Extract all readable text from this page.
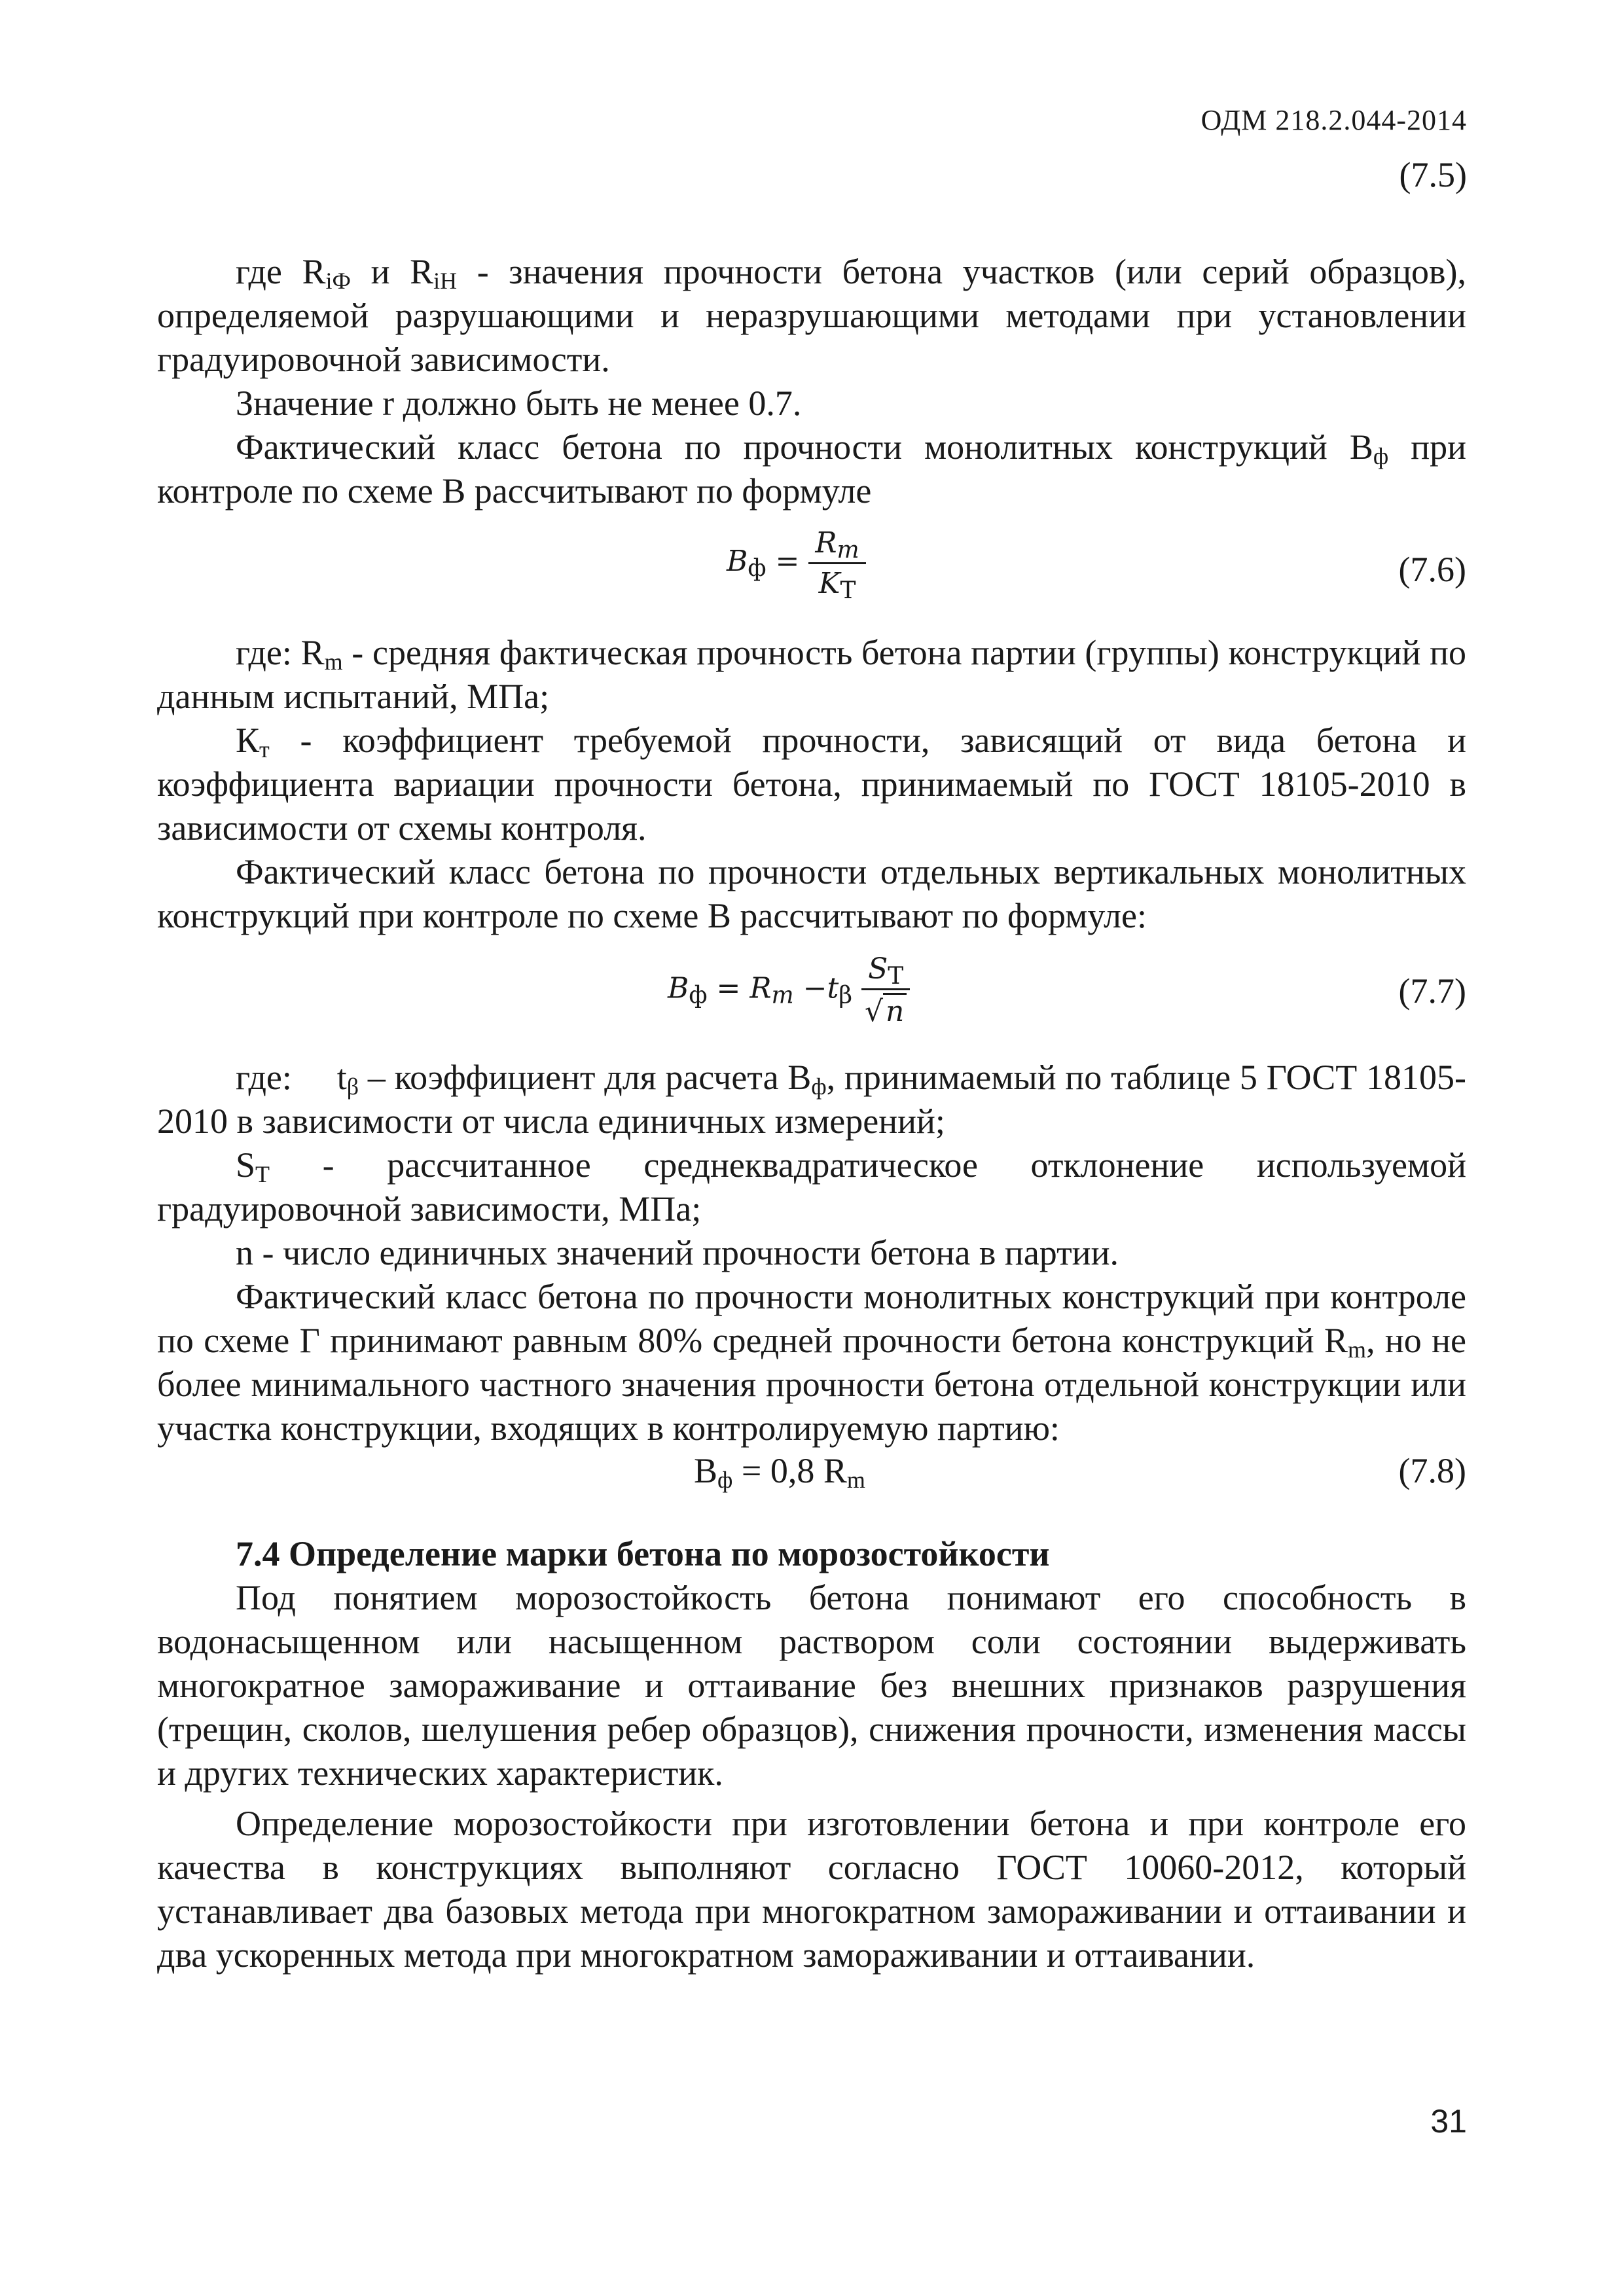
ОДМ 218.2.044-2014
(7.5)

где $R_{iФ}$ и $R_{iН}$ - значения прочности бетона участков (или серий образцов), определяемой разрушающими и неразрушающими методами при установлении градуировочной зависимости.

Значение r должно быть не менее 0.7.

Фактический класс бетона по прочности монолитных конструкций $В_ф$ при контроле по схеме В рассчитывают по формуле

$B_ф = \frac{R_m}{K_Т}$	(7.6)

где: $R_m$ - средняя фактическая прочность бетона партии (группы) конструкций по данным испытаний, МПа;

$К_т$ - коэффициент требуемой прочности, зависящий от вида бетона и коэффициента вариации прочности бетона, принимаемый по ГОСТ 18105-2010 в зависимости от схемы контроля.

Фактический класс бетона по прочности отдельных вертикальных монолитных конструкций при контроле по схеме В рассчитывают по формуле:

$B_ф = R_m -t_\beta \frac{S_Т}{√n}$	(7.7)

где:     $t_\beta$ – коэффициент для расчета $В_ф$, принимаемый по таблице 5 ГОСТ 18105-2010 в зависимости от числа единичных измерений;

$S_Т$ - рассчитанное среднеквадратическое отклонение используемой градуировочной зависимости, МПа;

n - число единичных значений прочности бетона в партии.

Фактический класс бетона по прочности монолитных конструкций при контроле по схеме Г принимают равным 80% средней прочности бетона конструкций $R_m$, но не более минимального частного значения прочности бетона отдельной конструкции или участка конструкции, входящих в контролируемую партию:

$В_ф = 0,8$ $R_m$	(7.8)
7.4 Определение марки бетона по морозостойкости

Под понятием морозостойкость бетона понимают его способность в водонасыщенном или насыщенном раствором соли состоянии выдерживать многократное замораживание и оттаивание без внешних признаков разрушения (трещин, сколов, шелушения ребер образцов), снижения прочности, изменения массы и других технических характеристик.

Определение морозостойкости при изготовлении бетона и при контроле его качества в конструкциях выполняют согласно ГОСТ 10060-2012, который устанавливает два базовых метода при многократном замораживании и оттаивании и два ускоренных метода при многократном замораживании и оттаивании.

31
